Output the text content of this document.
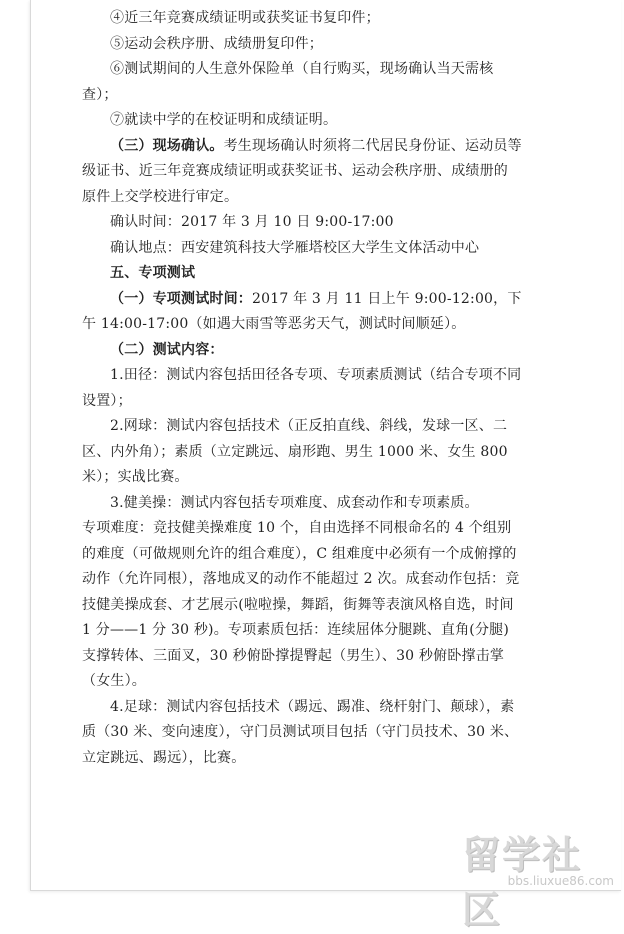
④近三年竞赛成绩证明或获奖证书复印件；

⑤运动会秩序册、成绩册复印件；

⑥测试期间的人生意外保险单（自行购买，现场确认当天需核查）；

⑦就读中学的在校证明和成绩证明。

（三）现场确认。考生现场确认时须将二代居民身份证、运动员等级证书、近三年竞赛成绩证明或获奖证书、运动会秩序册、成绩册的原件上交学校进行审定。

确认时间：2017 年 3 月 10 日 9:00-17:00

确认地点：西安建筑科技大学雁塔校区大学生文体活动中心

五、专项测试

（一）专项测试时间：2017 年 3 月 11 日上午 9:00-12:00，下午 14:00-17:00（如遇大雨雪等恶劣天气，测试时间顺延）。

（二）测试内容：

1.田径：测试内容包括田径各专项、专项素质测试（结合专项不同设置）；

2.网球：测试内容包括技术（正反拍直线、斜线，发球一区、二区、内外角）；素质（立定跳远、扇形跑、男生 1000 米、女生 800 米）；实战比赛。

3.健美操：测试内容包括专项难度、成套动作和专项素质。

专项难度：竞技健美操难度 10 个，自由选择不同根命名的 4 个组别的难度（可做规则允许的组合难度），C 组难度中必须有一个成俯撑的动作（允许同根），落地成叉的动作不能超过 2 次。成套动作包括：竞技健美操成套、才艺展示(啦啦操，舞蹈，街舞等表演风格自选，时间 1 分——1 分 30 秒)。专项素质包括：连续屈体分腿跳、直角(分腿)支撑转体、三面叉，30 秒俯卧撑提臀起（男生）、30 秒俯卧撑击掌（女生）。

4.足球：测试内容包括技术（踢远、踢准、绕杆射门、颠球），素质（30 米、变向速度），守门员测试项目包括（守门员技术、30 米、立定跳远、踢远），比赛。

留学社区
bbs.liuxue86.com
